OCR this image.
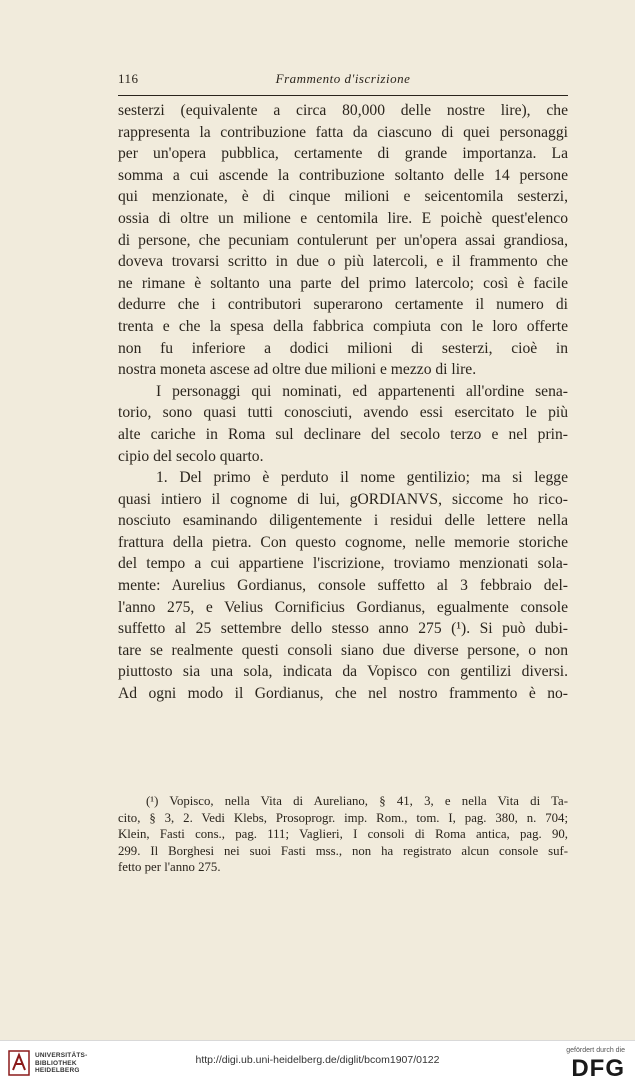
116	Frammento d'iscrizione
sesterzi (equivalente a circa 80,000 delle nostre lire), che
rappresenta la contribuzione fatta da ciascuno di quei personaggi
per un'opera pubblica, certamente di grande importanza. La
somma a cui ascende la contribuzione soltanto delle 14 persone
qui menzionate, è di cinque milioni e seicentomila sesterzi,
ossia di oltre un milione e centomila lire. E poichè quest'elenco
di persone, che pecuniam contulerunt per un'opera assai grandiosa,
doveva trovarsi scritto in due o più latercoli, e il frammento che
ne rimane è soltanto una parte del primo latercolo; così è facile
dedurre che i contributori superarono certamente il numero di
trenta e che la spesa della fabbrica compiuta con le loro offerte
non fu inferiore a dodici milioni di sesterzi, cioè in
nostra moneta ascese ad oltre due milioni e mezzo di lire.
I personaggi qui nominati, ed appartenenti all'ordine sena-
torio, sono quasi tutti conosciuti, avendo essi esercitato le più
alte cariche in Roma sul declinare del secolo terzo e nel prin-
cipio del secolo quarto.
1. Del primo è perduto il nome gentilizio; ma si legge
quasi intiero il cognome di lui, gORDIANVS, siccome ho rico-
nosciuto esaminando diligentemente i residui delle lettere nella
frattura della pietra. Con questo cognome, nelle memorie storiche
del tempo a cui appartiene l'iscrizione, troviamo menzionati sola-
mente: Aurelius Gordianus, console suffetto al 3 febbraio del-
l'anno 275, e Velius Cornificius Gordianus, egualmente console
suffetto al 25 settembre dello stesso anno 275 (¹). Si può dubi-
tare se realmente questi consoli siano due diverse persone, o non
piuttosto sia una sola, indicata da Vopisco con gentilizi diversi.
Ad ogni modo il Gordianus, che nel nostro frammento è no-
(¹) Vopisco, nella Vita di Aureliano, § 41, 3, e nella Vita di Ta-
cito, § 3, 2. Vedi Klebs, Prosoprogr. imp. Rom., tom. I, pag. 380, n. 704;
Klein, Fasti cons., pag. 111; Vaglieri, I consoli di Roma antica, pag. 90,
299. Il Borghesi nei suoi Fasti mss., non ha registrato alcun console suf-
fetto per l'anno 275.
UNIVERSITÄTS-
BIBLIOTHEK
HEIDELBERG
http://digi.ub.uni-heidelberg.de/diglit/bcom1907/0122
gefördert durch die
DFG
